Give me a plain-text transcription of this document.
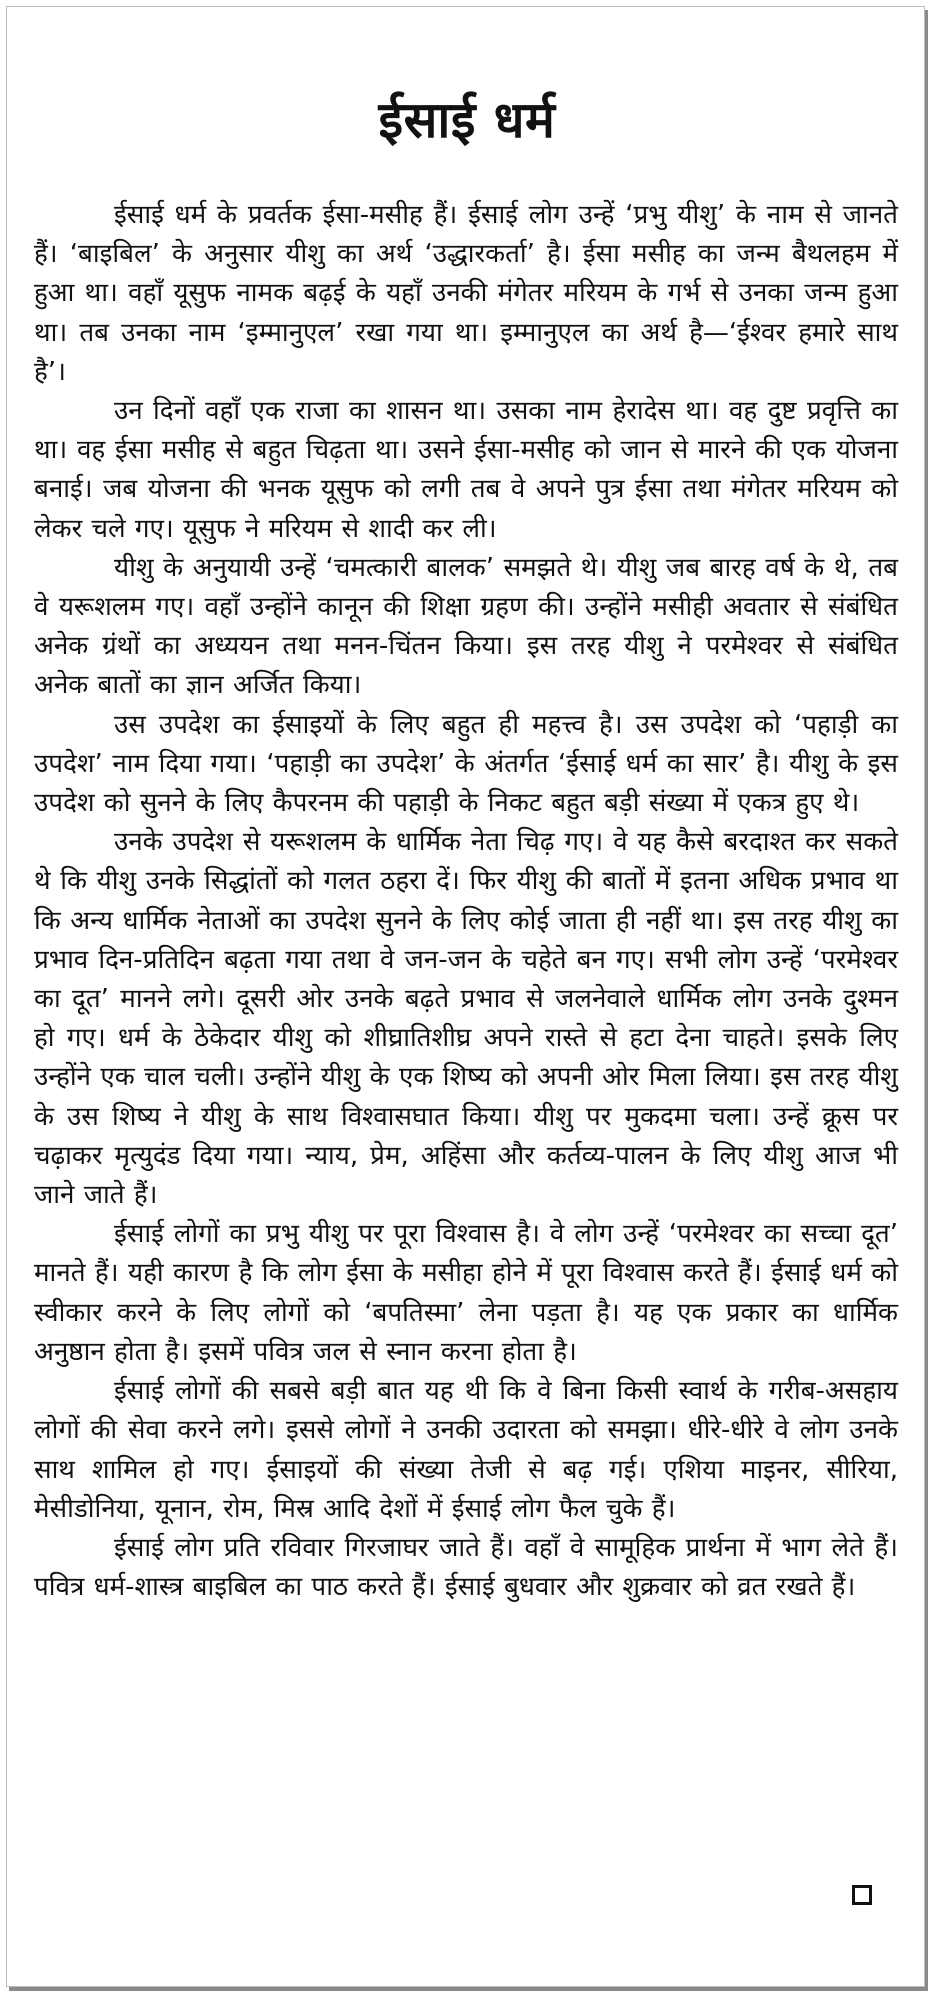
ईसाई धर्म

ईसाई धर्म के प्रवर्तक ईसा-मसीह हैं। ईसाई लोग उन्हें ‘प्रभु यीशु’ के नाम से जानते हैं। ‘बाइबिल’ के अनुसार यीशु का अर्थ ‘उद्धारकर्ता’ है। ईसा मसीह का जन्म बैथलहम में हुआ था। वहाँ यूसुफ नामक बढ़ई के यहाँ उनकी मंगेतर मरियम के गर्भ से उनका जन्म हुआ था। तब उनका नाम ‘इम्मानुएल’ रखा गया था। इम्मानुएल का अर्थ है—‘ईश्वर हमारे साथ है’।

उन दिनों वहाँ एक राजा का शासन था। उसका नाम हेरादेस था। वह दुष्ट प्रवृत्ति का था। वह ईसा मसीह से बहुत चिढ़ता था। उसने ईसा-मसीह को जान से मारने की एक योजना बनाई। जब योजना की भनक यूसुफ को लगी तब वे अपने पुत्र ईसा तथा मंगेतर मरियम को लेकर चले गए। यूसुफ ने मरियम से शादी कर ली।

यीशु के अनुयायी उन्हें ‘चमत्कारी बालक’ समझते थे। यीशु जब बारह वर्ष के थे, तब वे यरूशलम गए। वहाँ उन्होंने कानून की शिक्षा ग्रहण की। उन्होंने मसीही अवतार से संबंधित अनेक ग्रंथों का अध्ययन तथा मनन-चिंतन किया। इस तरह यीशु ने परमेश्वर से संबंधित अनेक बातों का ज्ञान अर्जित किया।

उस उपदेश का ईसाइयों के लिए बहुत ही महत्त्व है। उस उपदेश को ‘पहाड़ी का उपदेश’ नाम दिया गया। ‘पहाड़ी का उपदेश’ के अंतर्गत ‘ईसाई धर्म का सार’ है। यीशु के इस उपदेश को सुनने के लिए कैपरनम की पहाड़ी के निकट बहुत बड़ी संख्या में एकत्र हुए थे।

उनके उपदेश से यरूशलम के धार्मिक नेता चिढ़ गए। वे यह कैसे बरदाश्त कर सकते थे कि यीशु उनके सिद्धांतों को गलत ठहरा दें। फिर यीशु की बातों में इतना अधिक प्रभाव था कि अन्य धार्मिक नेताओं का उपदेश सुनने के लिए कोई जाता ही नहीं था। इस तरह यीशु का प्रभाव दिन-प्रतिदिन बढ़ता गया तथा वे जन-जन के चहेते बन गए। सभी लोग उन्हें ‘परमेश्वर का दूत’ मानने लगे। दूसरी ओर उनके बढ़ते प्रभाव से जलनेवाले धार्मिक लोग उनके दुश्मन हो गए। धर्म के ठेकेदार यीशु को शीघ्रातिशीघ्र अपने रास्ते से हटा देना चाहते। इसके लिए उन्होंने एक चाल चली। उन्होंने यीशु के एक शिष्य को अपनी ओर मिला लिया। इस तरह यीशु के उस शिष्य ने यीशु के साथ विश्वासघात किया। यीशु पर मुकदमा चला। उन्हें क्रूस पर चढ़ाकर मृत्युदंड दिया गया। न्याय, प्रेम, अहिंसा और कर्तव्य-पालन के लिए यीशु आज भी जाने जाते हैं।

ईसाई लोगों का प्रभु यीशु पर पूरा विश्वास है। वे लोग उन्हें ‘परमेश्वर का सच्चा दूत’ मानते हैं। यही कारण है कि लोग ईसा के मसीहा होने में पूरा विश्वास करते हैं। ईसाई धर्म को स्वीकार करने के लिए लोगों को ‘बपतिस्मा’ लेना पड़ता है। यह एक प्रकार का धार्मिक अनुष्ठान होता है। इसमें पवित्र जल से स्नान करना होता है।

ईसाई लोगों की सबसे बड़ी बात यह थी कि वे बिना किसी स्वार्थ के गरीब-असहाय लोगों की सेवा करने लगे। इससे लोगों ने उनकी उदारता को समझा। धीरे-धीरे वे लोग उनके साथ शामिल हो गए। ईसाइयों की संख्या तेजी से बढ़ गई। एशिया माइनर, सीरिया, मेसीडोनिया, यूनान, रोम, मिस्र आदि देशों में ईसाई लोग फैल चुके हैं।

ईसाई लोग प्रति रविवार गिरजाघर जाते हैं। वहाँ वे सामूहिक प्रार्थना में भाग लेते हैं। पवित्र धर्म-शास्त्र बाइबिल का पाठ करते हैं। ईसाई बुधवार और शुक्रवार को व्रत रखते हैं।
